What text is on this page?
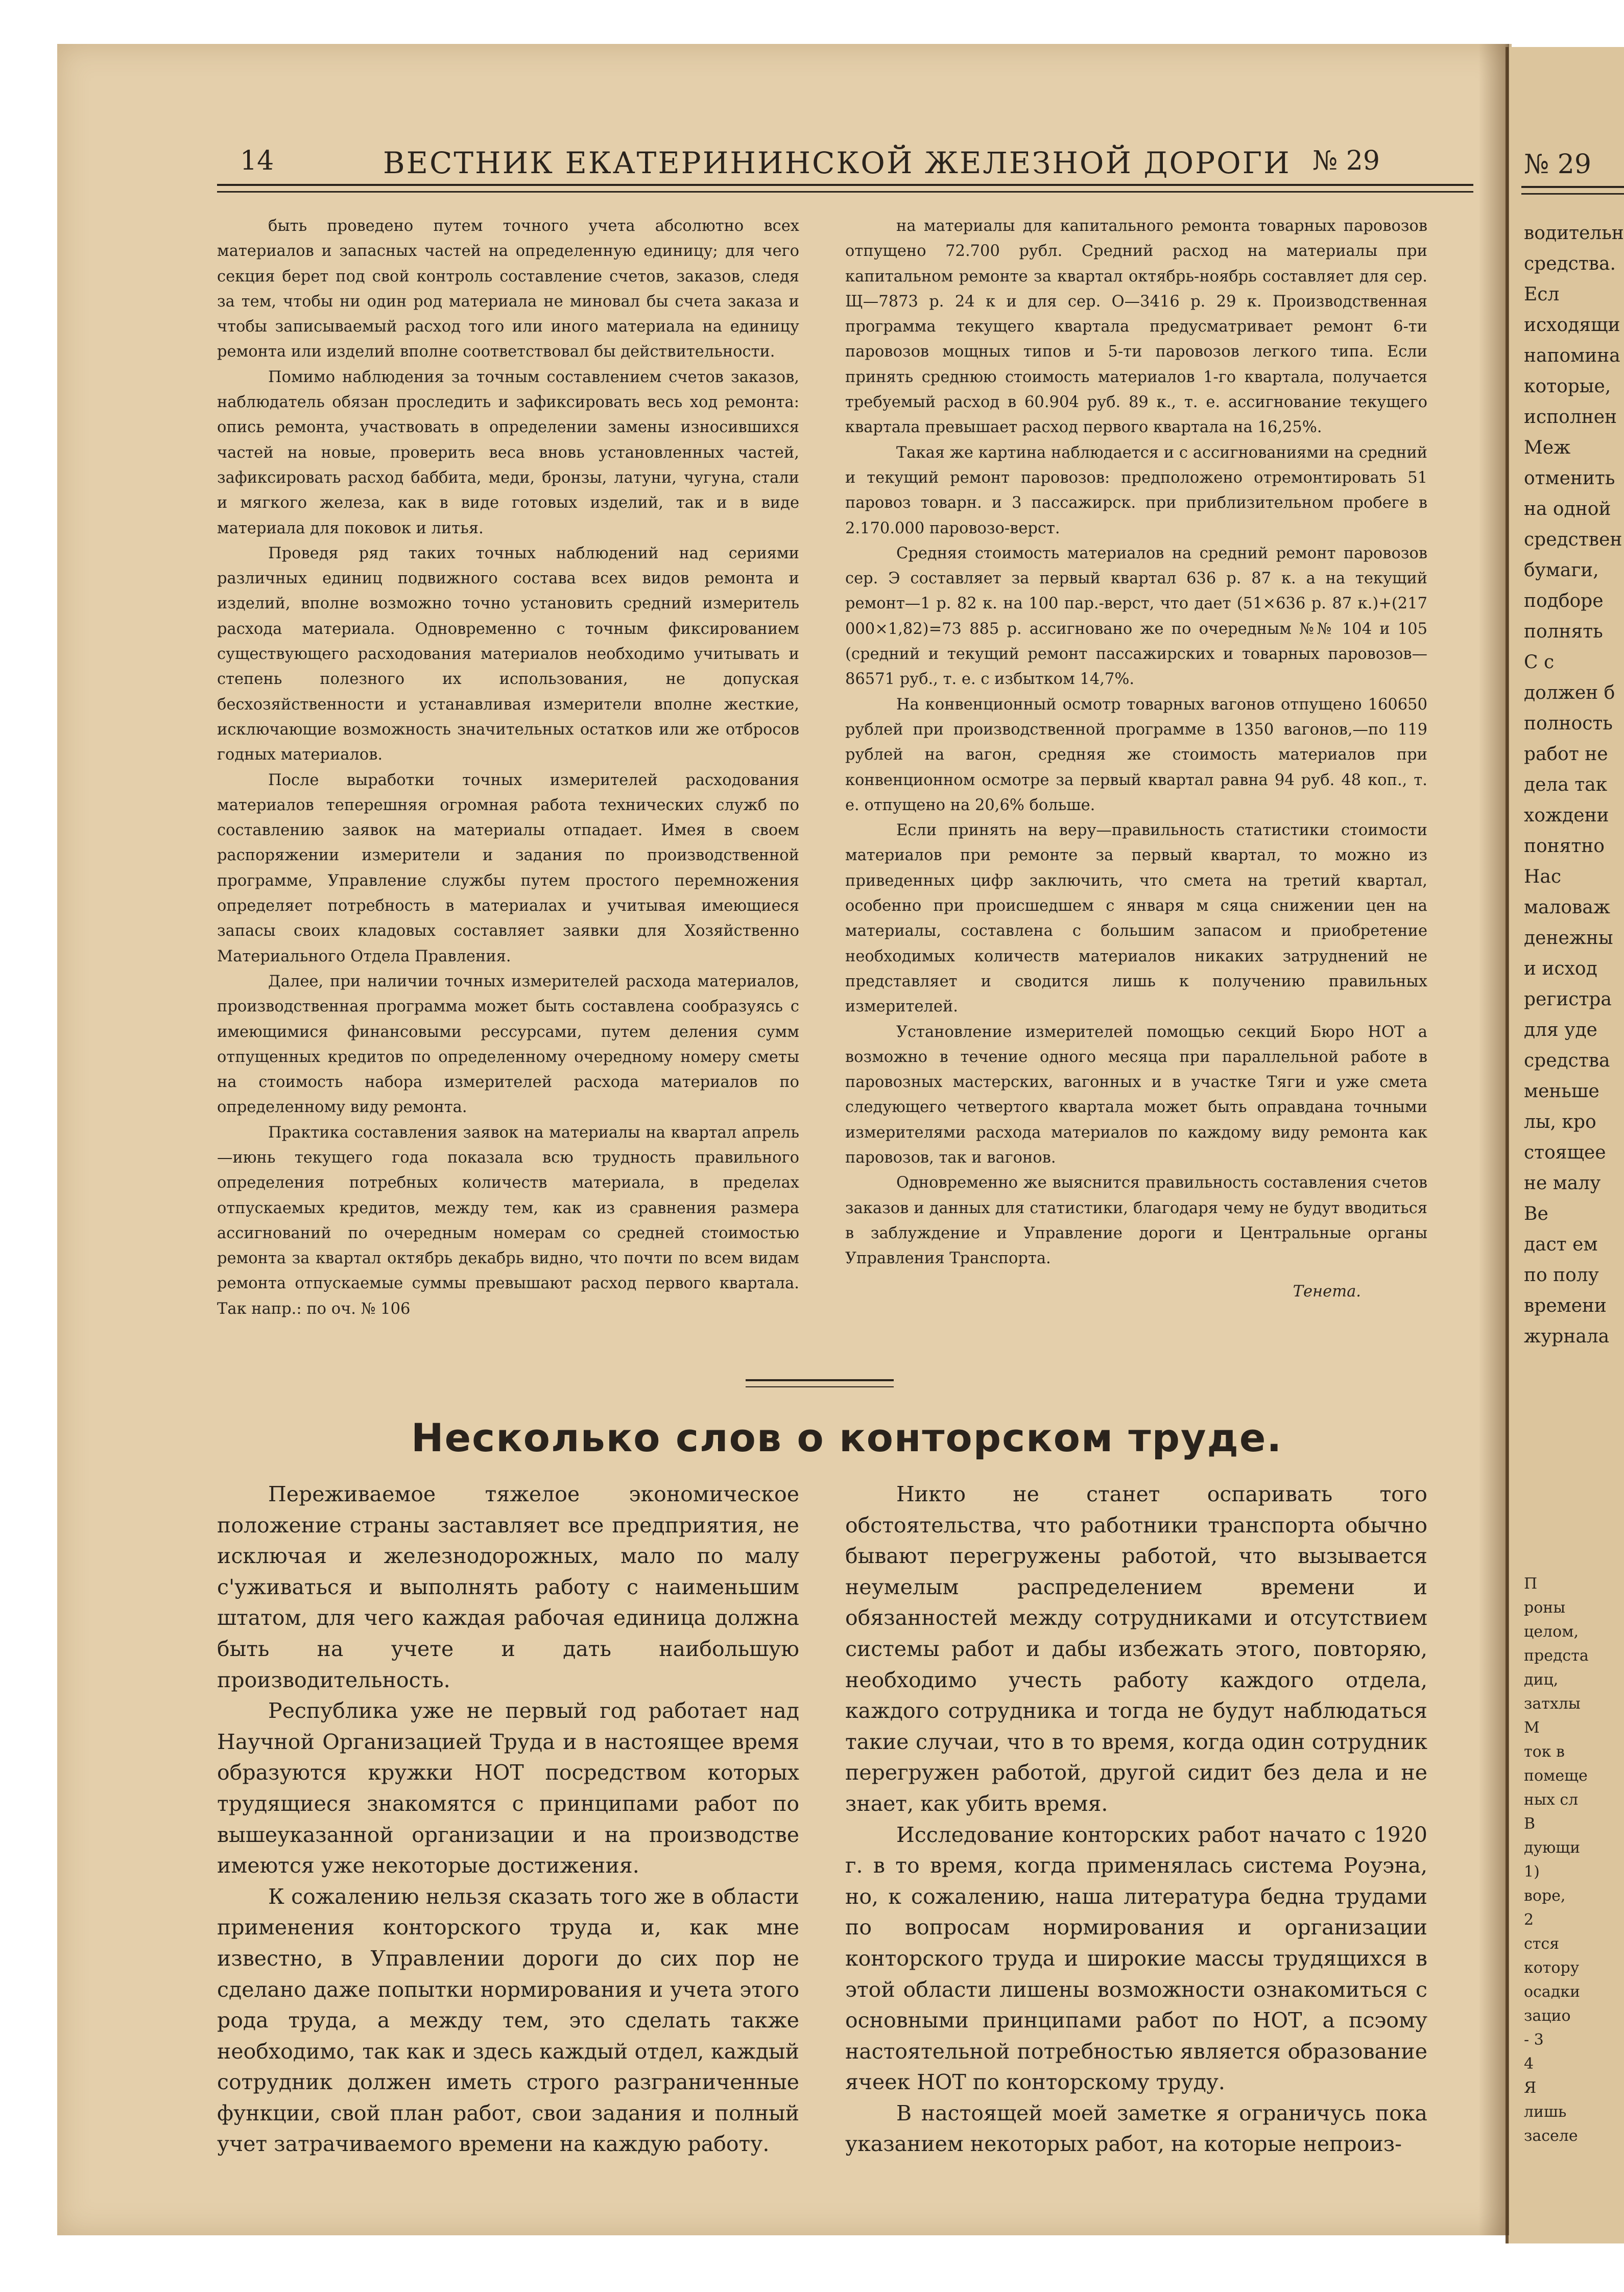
№ 29
водительн
средства.
Есл
исходящи
напомина
которые,
исполнен
Меж
отменить
на одной
средствен
бумаги,
подборе
полнять
С с
должен б
полность
работ не
дела так
хождени
понятно
Нас
маловаж
денежны
и исход
регистра
для уде
средства
меньше
лы, кро
стоящее
не малу
Ве
даст ем
по полу
времени
журнала
П
роны
целом,
предста
диц,
затхлы
М
ток в
помеще
ных сл
В
дующи
1)
воре,
2
стся
котору
осадки
зацио
- 3
4
Я
лишь
заселе
14	ВЕСТНИК ЕКАТЕРИНИНСКОЙ ЖЕЛЕЗНОЙ ДОРОГИ № 29

быть проведено путем точного учета абсолютно всех материалов и запасных частей на определенную единицу; для чего секция берет под свой контроль составление счетов, заказов, следя за тем, чтобы ни один род материала не миновал бы счета заказа и чтобы записываемый расход того или иного материала на единицу ремонта или изделий вполне соответствовал бы действительности.

Помимо наблюдения за точным составлением счетов заказов, наблюдатель обязан проследить и зафиксировать весь ход ремонта: опись ремонта, участвовать в определении замены износившихся частей на новые, проверить веса вновь установленных частей, зафиксировать расход баббита, меди, бронзы, латуни, чугуна, стали и мягкого железа, как в виде готовых изделий, так и в виде материала для поковок и литья.

Проведя ряд таких точных наблюдений над сериями различных единиц подвижного состава всех видов ремонта и изделий, вполне возможно точно установить средний измеритель расхода материала. Одновременно с точным фиксированием существующего расходования материалов необходимо учитывать и степень полезного их использования, не допуская бесхозяйственности и устанавливая измерители вполне жесткие, исключающие возможность значительных остатков или же отбросов годных материалов.

После выработки точных измерителей расходования материалов теперешняя огромная работа технических служб по составлению заявок на материалы отпадает. Имея в своем распоряжении измерители и задания по производственной программе, Управление службы путем простого перемножения определяет потребность в материалах и учитывая имеющиеся запасы своих кладовых составляет заявки для Хозяйственно Материального Отдела Правления.

Далее, при наличии точных измерителей расхода материалов, производственная программа может быть составлена сообразуясь с имеющимися финансовыми рессурсами, путем деления сумм отпущенных кредитов по определенному очередному номеру сметы на стоимость набора измерителей расхода материалов по определенному виду ремонта.

Практика составления заявок на материалы на квартал апрель—июнь текущего года показала всю трудность правильного определения потребных количеств материала, в пределах отпускаемых кредитов, между тем, как из сравнения размера ассигнований по очередным номерам со средней стоимостью ремонта за квартал октябрь декабрь видно, что почти по всем видам ремонта отпускаемые суммы превышают расход первого квартала. Так напр.: по оч. № 106

на материалы для капитального ремонта товарных паровозов отпущено 72.700 рубл. Средний расход на материалы при капитальном ремонте за квартал октябрь-ноябрь составляет для сер. Щ—7873 р. 24 к и для сер. О—3416 р. 29 к. Производственная программа текущего квартала предусматривает ремонт 6-ти паровозов мощных типов и 5-ти паровозов легкого типа. Если принять среднюю стоимость материалов 1-го квартала, получается требуемый расход в 60.904 руб. 89 к., т. е. ассигнование текущего квартала превышает расход первого квартала на 16,25%.

Такая же картина наблюдается и с ассигнованиями на средний и текущий ремонт паровозов: предположено отремонтировать 51 паровоз товарн. и 3 пассажирск. при приблизительном пробеге в 2.170.000 паровозо-верст.

Средняя стоимость материалов на средний ремонт паровозов сер. Э составляет за первый квартал 636 р. 87 к. а на текущий ремонт—1 р. 82 к. на 100 пар.-верст, что дает (51×636 р. 87 к.)+(217 000×1,82)=73 885 р. ассигновано же по очередным №№ 104 и 105 (средний и текущий ремонт пассажирских и товарных паровозов—86571 руб., т. е. с избытком 14,7%.

На конвенционный осмотр товарных вагонов отпущено 160650 рублей при производственной программе в 1350 вагонов,—по 119 рублей на вагон, средняя же стоимость материалов при конвенционном осмотре за первый квартал равна 94 руб. 48 коп., т. е. отпущено на 20,6% больше.

Если принять на веру—правильность статистики стоимости материалов при ремонте за первый квартал, то можно из приведенных цифр заключить, что смета на третий квартал, особенно при происшедшем с января м сяца снижении цен на материалы, составлена с большим запасом и приобретение необходимых количеств материалов никаких затруднений не представляет и сводится лишь к получению правильных измерителей.

Установление измерителей помощью секций Бюро НОТ а возможно в течение одного месяца при параллельной работе в паровозных мастерских, вагонных и в участке Тяги и уже смета следующего четвертого квартала может быть оправдана точными измерителями расхода материалов по каждому виду ремонта как паровозов, так и вагонов.

Одновременно же выяснится правильность составления счетов заказов и данных для статистики, благодаря чему не будут вводиться в заблуждение и Управление дороги и Центральные органы Управления Транспорта.

Тенета.

Несколько слов о конторском труде.

Переживаемое тяжелое экономическое положение страны заставляет все предприятия, не исключая и железнодорожных, мало по малу с'уживаться и выполнять работу с наименьшим штатом, для чего каждая рабочая единица должна быть на учете и дать наибольшую производительность.

Республика уже не первый год работает над Научной Организацией Труда и в настоящее время образуются кружки НОТ посредством которых трудящиеся знакомятся с принципами работ по вышеуказанной организации и на производстве имеются уже некоторые достижения.

К сожалению нельзя сказать того же в области применения конторского труда и, как мне известно, в Управлении дороги до сих пор не сделано даже попытки нормирования и учета этого рода труда, а между тем, это сделать также необходимо, так как и здесь каждый отдел, каждый сотрудник должен иметь строго разграниченные функции, свой план работ, свои задания и полный учет затрачиваемого времени на каждую работу.

Никто не станет оспаривать того обстоятельства, что работники транспорта обычно бывают перегружены работой, что вызывается неумелым распределением времени и обязанностей между сотрудниками и отсутствием системы работ и дабы избежать этого, повторяю, необходимо учесть работу каждого отдела, каждого сотрудника и тогда не будут наблюдаться такие случаи, что в то время, когда один сотрудник перегружен работой, другой сидит без дела и не знает, как убить время.

Исследование конторских работ начато с 1920 г. в то время, когда применялась система Роуэна, но, к сожалению, наша литература бедна трудами по вопросам нормирования и организации конторского труда и широкие массы трудящихся в этой области лишены возможности ознакомиться с основными принципами работ по НОТ, а псэому настоятельной потребностью является образование ячеек НОТ по конторскому труду.

В настоящей моей заметке я ограничусь пока указанием некоторых работ, на которые непроиз-
